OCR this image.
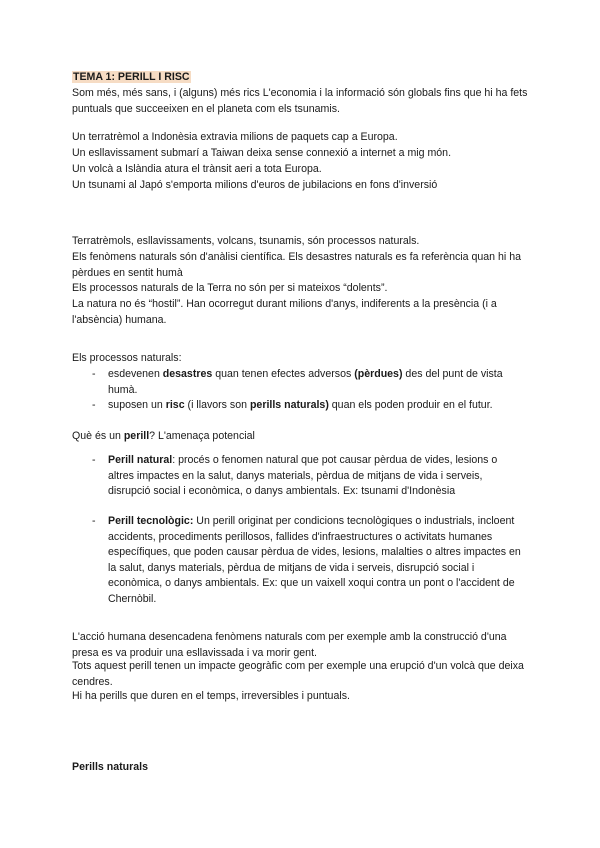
TEMA 1: PERILL I RISC

Som més, més sans, i (alguns) més rics L'economia i la informació són globals fins que hi ha fets puntuals que succeeixen en el planeta com els tsunamis.

Un terratrèmol a Indonèsia extravia milions de paquets cap a Europa.

Un esllavissament submarí a Taiwan deixa sense connexió a internet a mig món.

Un volcà a Islàndia atura el trànsit aeri a tota Europa.

Un tsunami al Japó s'emporta milions d'euros de jubilacions en fons d'inversió

Terratrèmols, esllavissaments, volcans, tsunamis, són processos naturals.

Els fenòmens naturals són d'anàlisi científica. Els desastres naturals es fa referència quan hi ha pèrdues en sentit humà

Els processos naturals de la Terra no són per si mateixos “dolents”.

La natura no és “hostil”. Han ocorregut durant milions d'anys, indiferents a la presència (i a l'absència) humana.

Els processos naturals:

- esdevenen desastres quan tenen efectes adversos (pèrdues) des del punt de vista humà.
- suposen un risc (i llavors son perills naturals) quan els poden produir en el futur.

Què és un perill? L'amenaça potencial

- Perill natural: procés o fenomen natural que pot causar pèrdua de vides, lesions o altres impactes en la salut, danys materials, pèrdua de mitjans de vida i serveis, disrupció social i econòmica, o danys ambientals. Ex: tsunami d'Indonèsia
- Perill tecnològic: Un perill originat per condicions tecnològiques o industrials, incloent accidents, procediments perillosos, fallides d'infraestructures o activitats humanes específiques, que poden causar pèrdua de vides, lesions, malalties o altres impactes en la salut, danys materials, pèrdua de mitjans de vida i serveis, disrupció social i econòmica, o danys ambientals. Ex: que un vaixell xoqui contra un pont o l'accident de Chernòbil.

L'acció humana desencadena fenòmens naturals com per exemple amb la construcció d'una presa es va produir una esllavissada i va morir gent.

Tots aquest perill tenen un impacte geogràfic com per exemple una erupció d'un volcà que deixa cendres.

Hi ha perills que duren en el temps, irreversibles i puntuals.

Perills naturals
